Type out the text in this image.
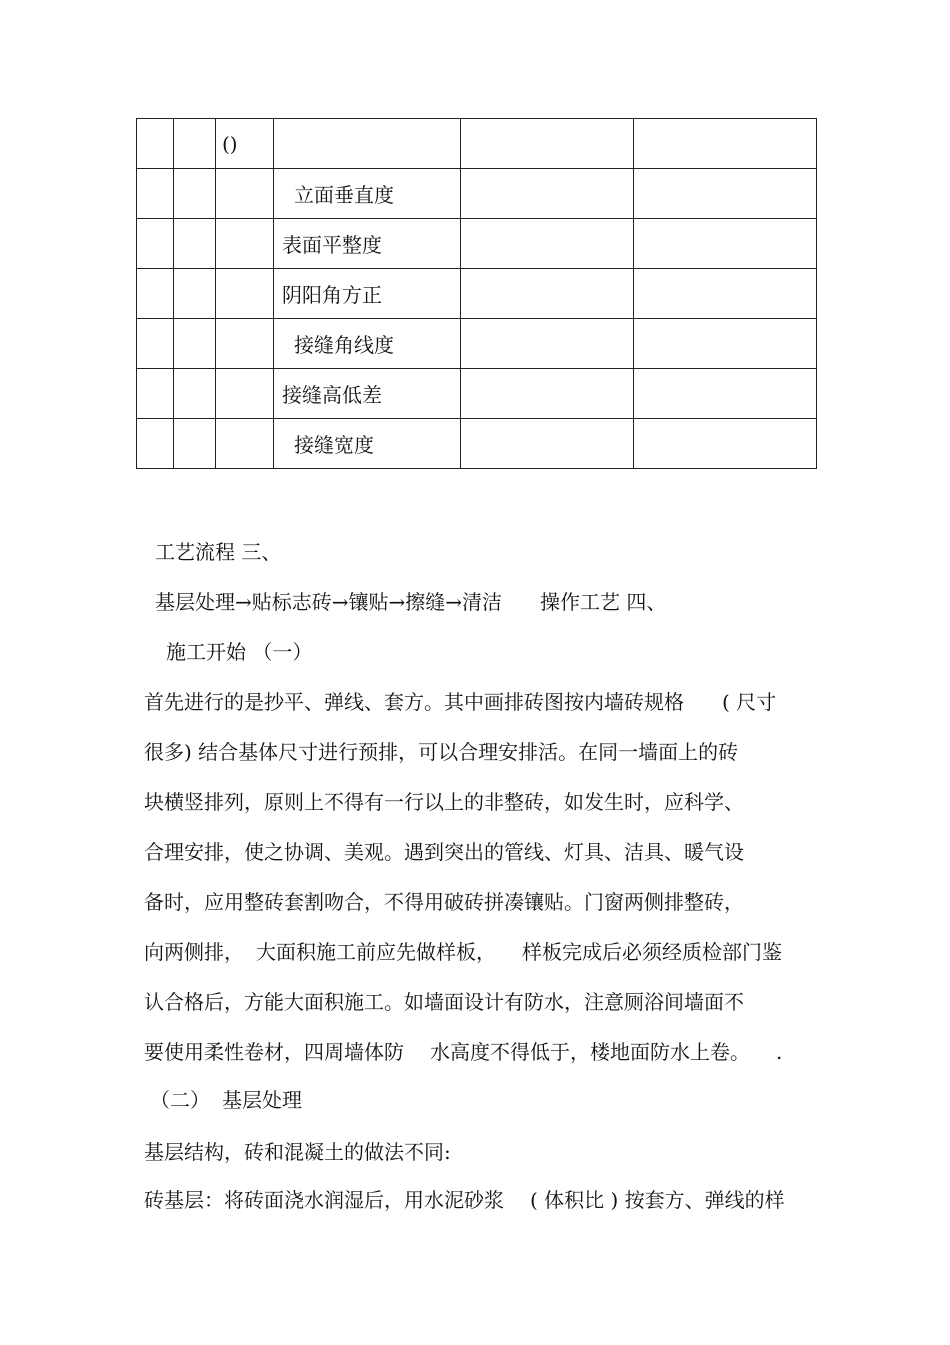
		()			
			立面垂直度		
			表面平整度		
			阴阳角方正		
			接缝角线度		
			接缝高低差		
			接缝宽度		
工艺流程 三、
基层处理→贴标志砖→镶贴→擦缝→清洁 操作工艺 四、
施工开始 （一）
首先进行的是抄平、弹线、套方。其中画排砖图按内墙砖规格 ( 尺寸
很多) 结合基体尺寸进行预排，可以合理安排活。在同一墙面上的砖
块横竖排列，原则上不得有一行以上的非整砖，如发生时，应科学、
合理安排，使之协调、美观。遇到突出的管线、灯具、洁具、暖气设
备时，应用整砖套割吻合，不得用破砖拼凑镶贴。门窗两侧排整砖，
向两侧排， 大面积施工前应先做样板， 样板完成后必须经质检部门鉴
认合格后，方能大面积施工。如墙面设计有防水，注意厕浴间墙面不
要使用柔性卷材，四周墙体防 水高度不得低于，楼地面防水上卷。 .
（二） 基层处理
基层结构，砖和混凝土的做法不同:
砖基层：将砖面浇水润湿后，用水泥砂浆 ( 体积比 ) 按套方、弹线的样
